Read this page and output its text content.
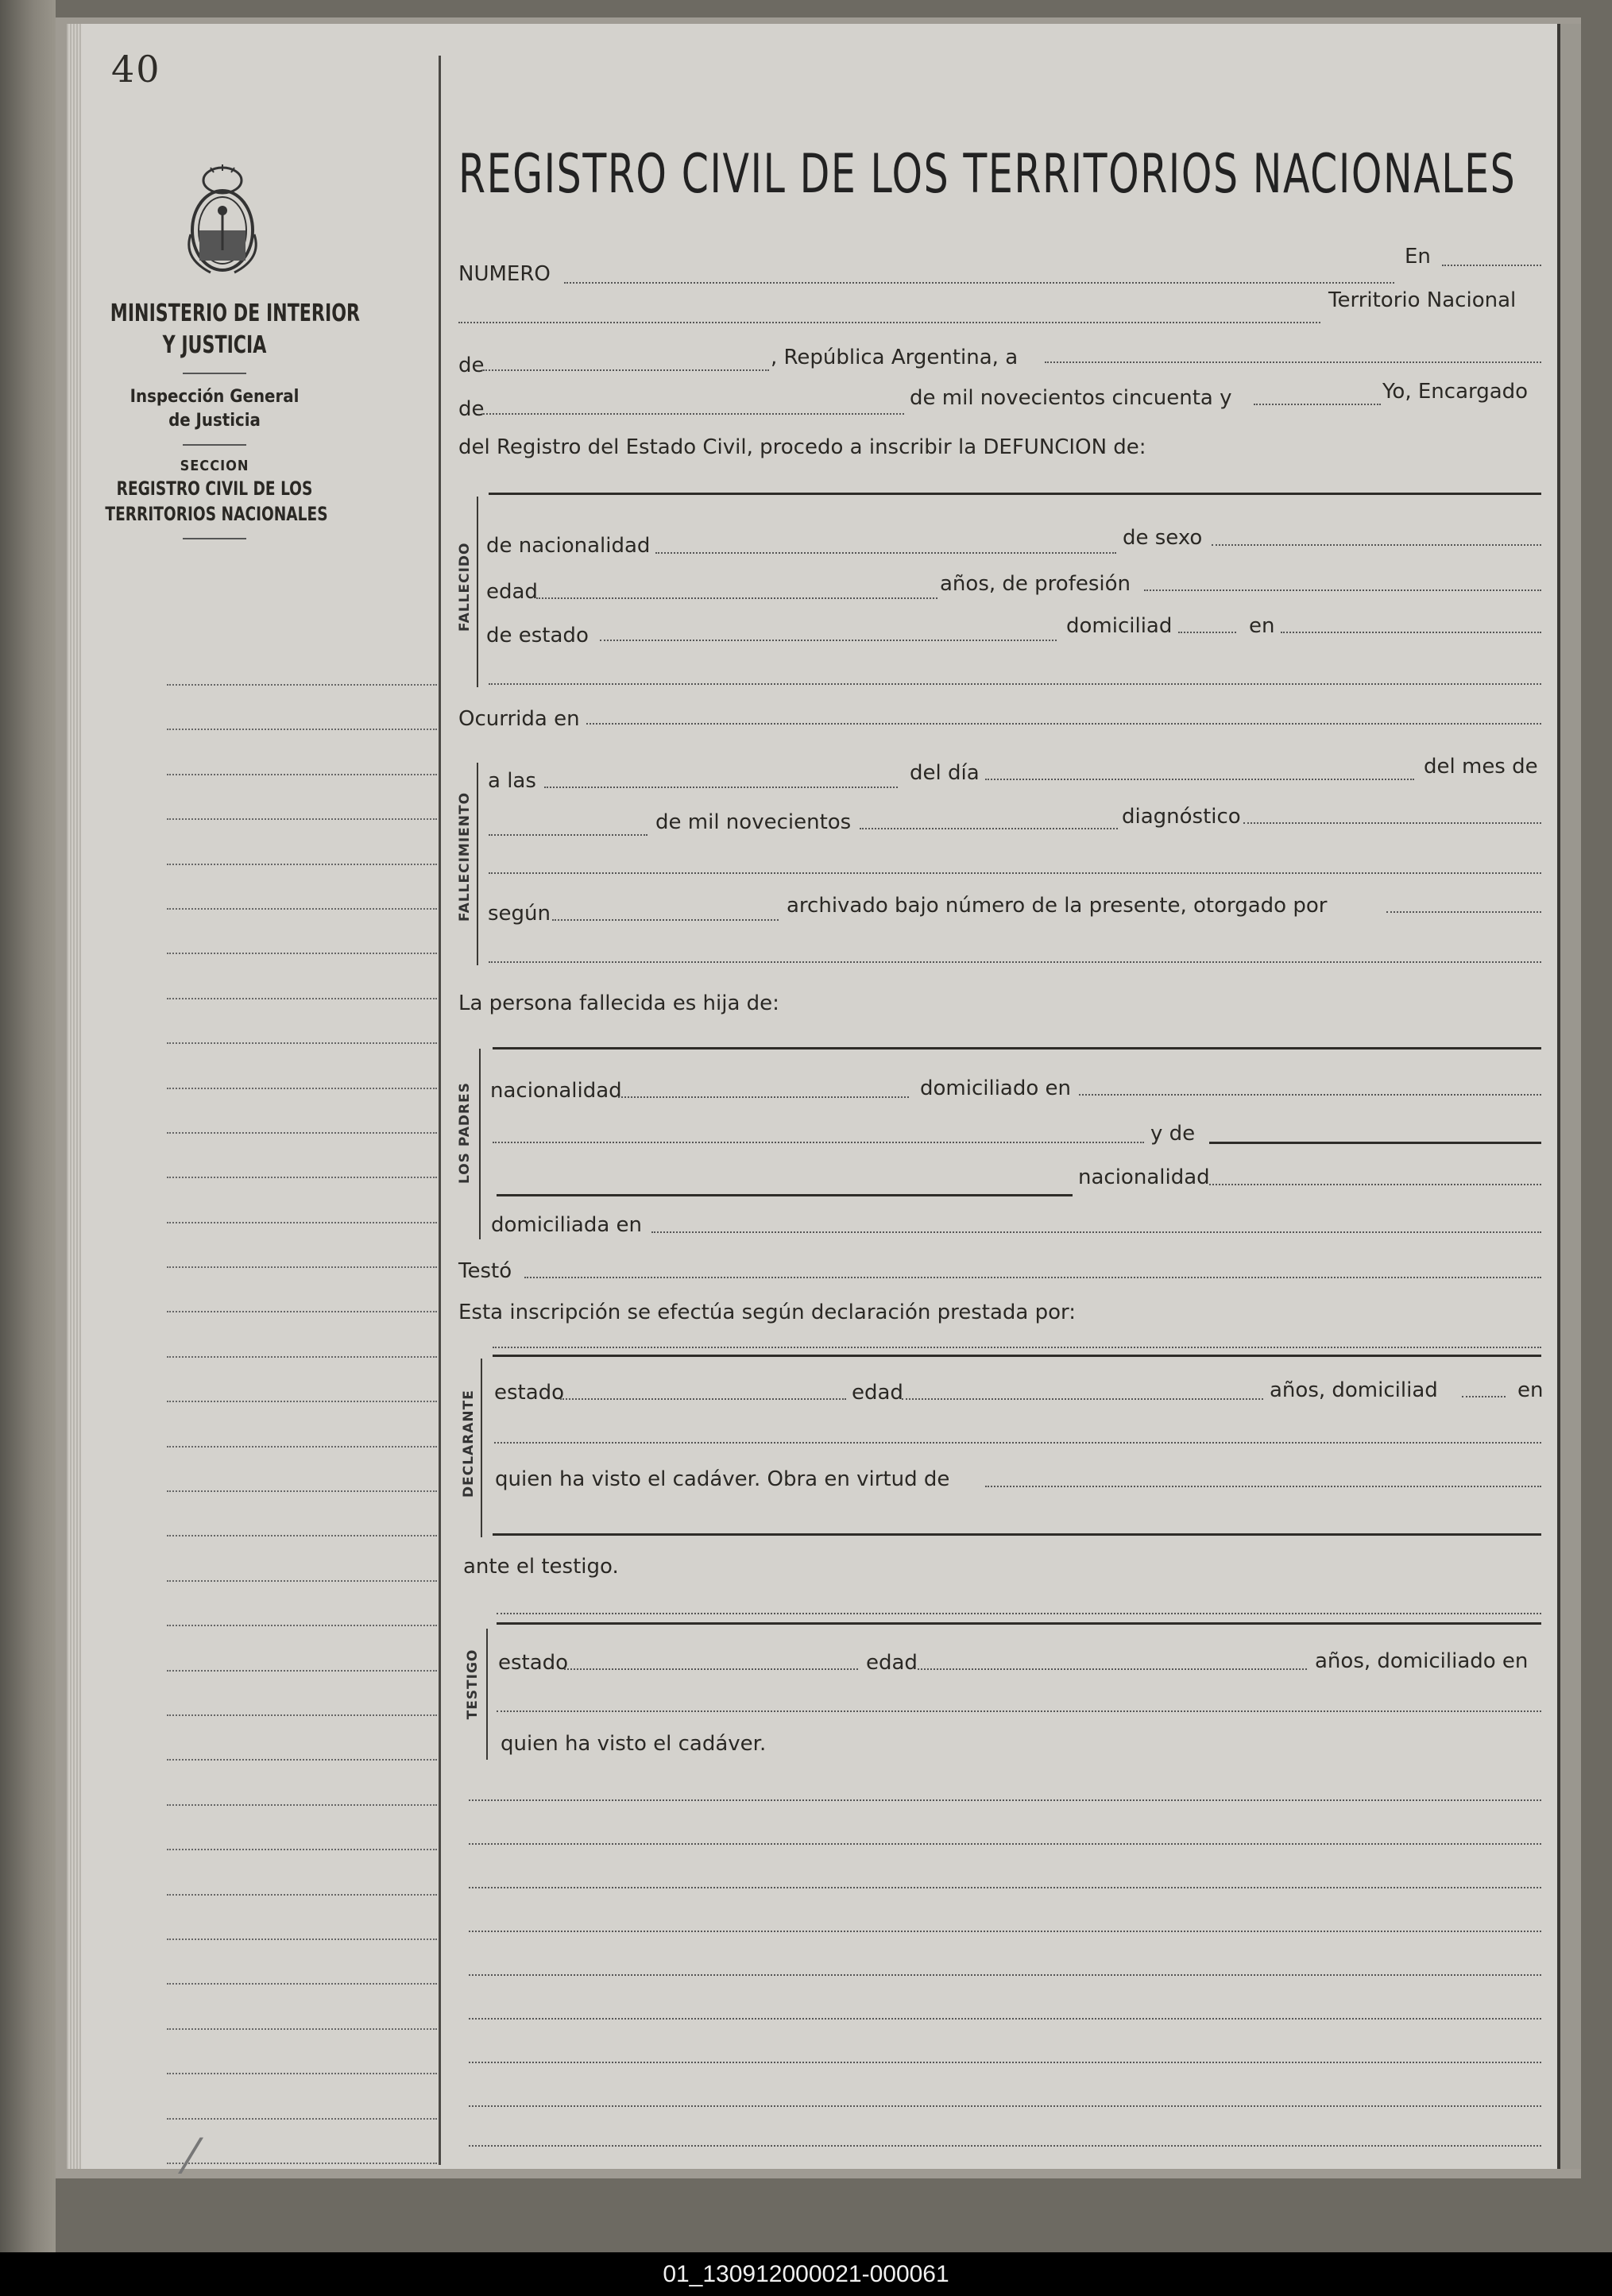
40
MINISTERIO DE INTERIOR
Y JUSTICIA
Inspección General
de Justicia
SECCION
REGISTRO CIVIL DE LOS
TERRITORIOS NACIONALES
REGISTRO CIVIL DE LOS TERRITORIOS NACIONALES
NUMERO
En
Territorio Nacional
de	, República Argentina, a
de	de mil novecientos cincuenta y	Yo, Encargado
del Registro del Estado Civil, procedo a inscribir la DEFUNCION de:
FALLECIDO de nacionalidad	de sexo
edad	años, de profesión
de estado	domiciliad	en
Ocurrida en
FALLECIMIENTO
a las	del día	del mes de
de mil novecientos	diagnóstico
según	archivado bajo número de la presente, otorgado por
La persona fallecida es hija de:
LOS PADRES nacionalidad	domiciliado en
y de
nacionalidad
domiciliada en
Testó
Esta inscripción se efectúa según declaración prestada por:
DECLARANTE estado	edad	años, domiciliad	en
quien ha visto el cadáver. Obra en virtud de
ante el testigo.
TESTIGO estado	edad	años, domiciliado en
quien ha visto el cadáver.
⁄
01_130912000021-000061
